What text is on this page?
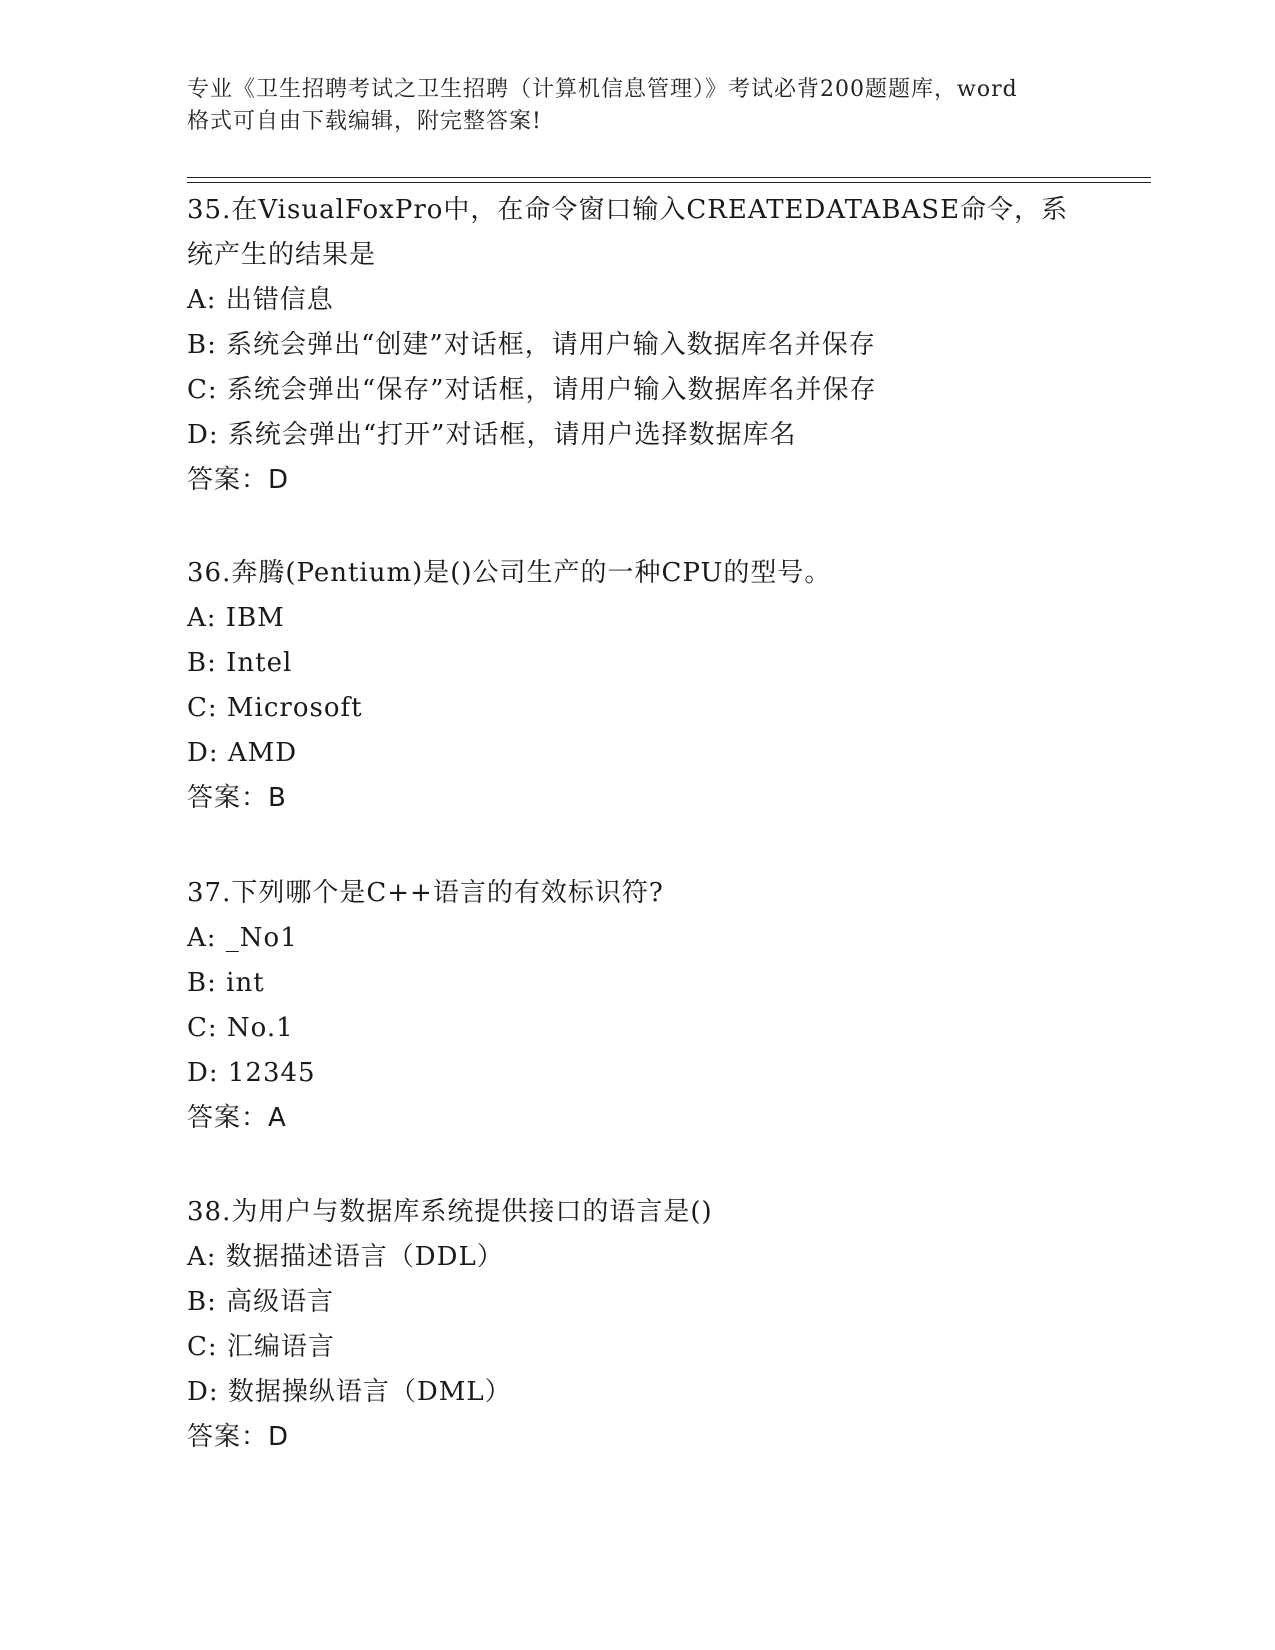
专业《卫生招聘考试之卫生招聘（计算机信息管理）》考试必背200题题库，word
格式可自由下载编辑，附完整答案!
35.在VisualFoxPro中，在命令窗口输入CREATEDATABASE命令，系统产生的结果是
A: 出错信息
B: 系统会弹出“创建”对话框，请用户输入数据库名并保存
C: 系统会弹出“保存”对话框，请用户输入数据库名并保存
D: 系统会弹出“打开”对话框，请用户选择数据库名
答案：D
36.奔腾(Pentium)是()公司生产的一种CPU的型号。
A: IBM
B: Intel
C: Microsoft
D: AMD
答案：B
37.下列哪个是C++语言的有效标识符?
A: _No1
B: int
C: No.1
D: 12345
答案：A
38.为用户与数据库系统提供接口的语言是()
A: 数据描述语言（DDL）
B: 高级语言
C: 汇编语言
D: 数据操纵语言（DML）
答案：D
